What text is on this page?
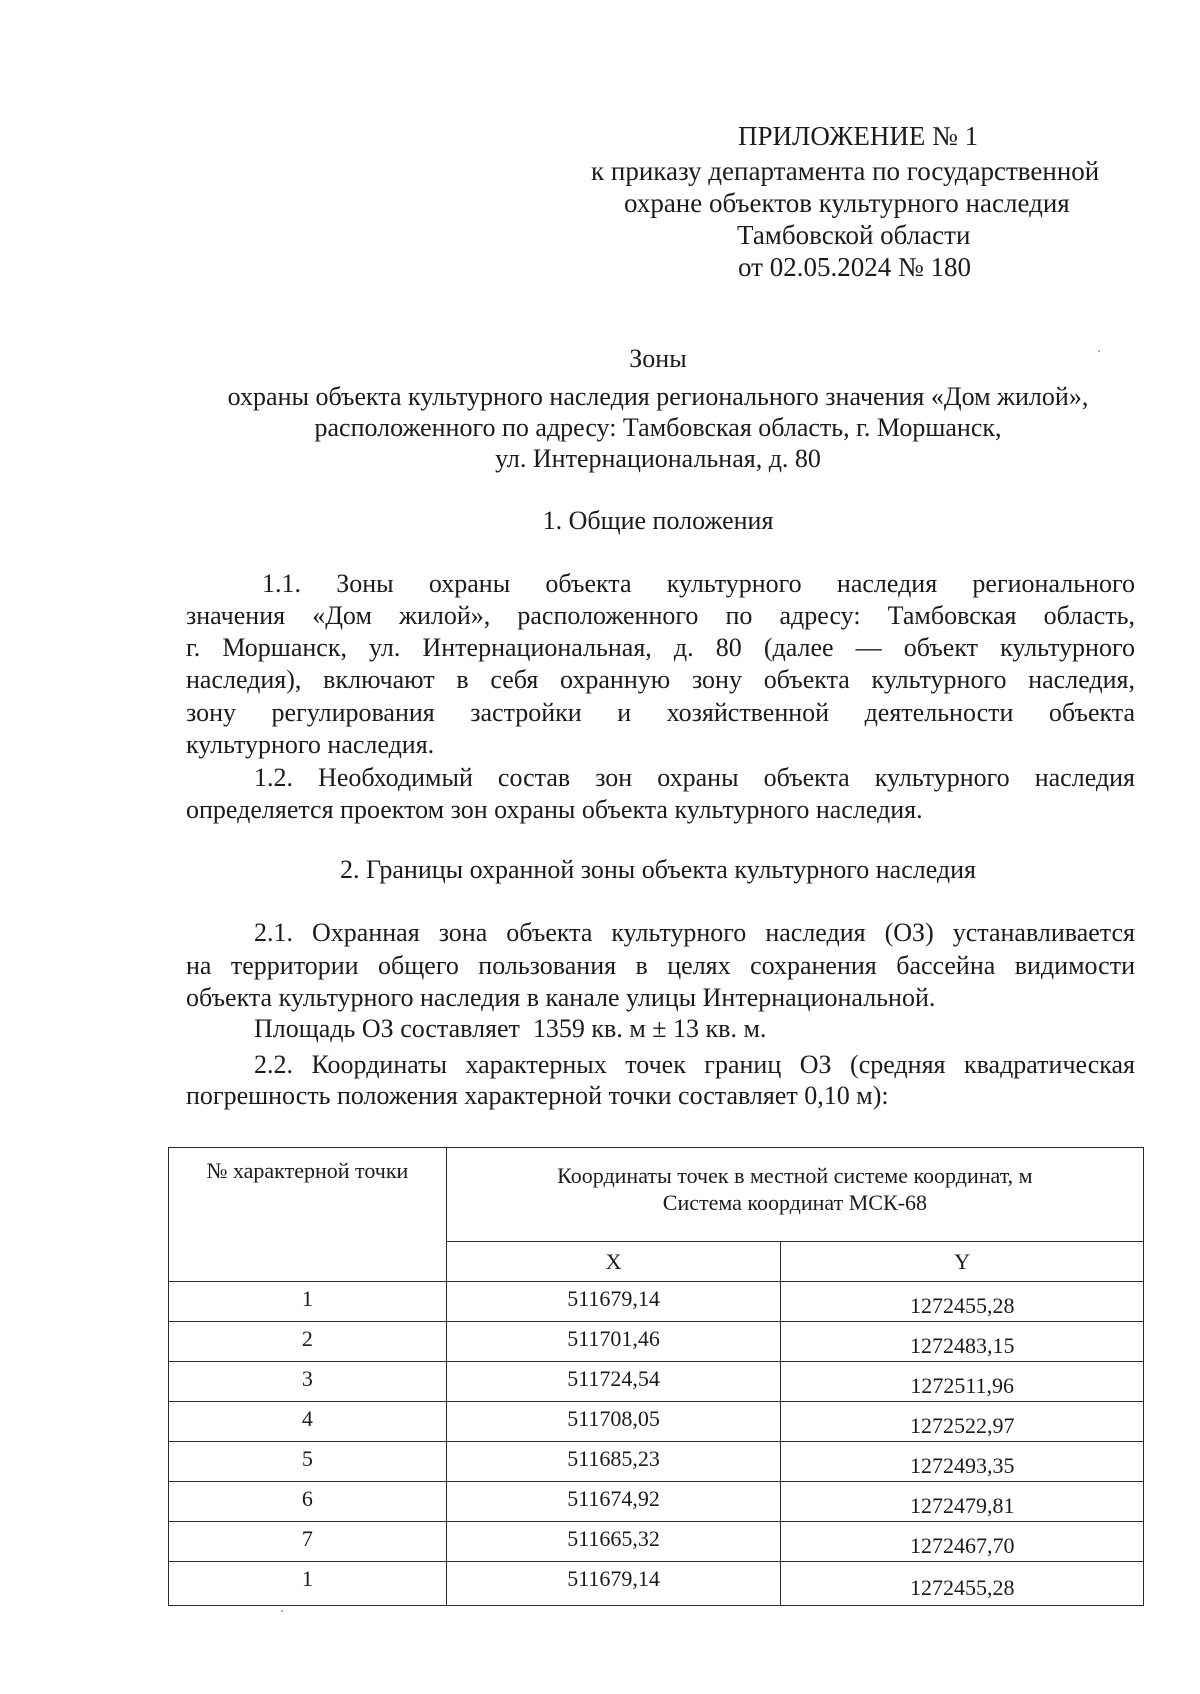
ПРИЛОЖЕНИЕ № 1
к приказу департамента по государственной
охране объектов культурного наследия
Тамбовской области
от 02.05.2024 № 180
Зоны
охраны объекта культурного наследия регионального значения «Дом жилой»,
расположенного по адресу: Тамбовская область, г. Моршанск,
ул. Интернациональная, д. 80
1. Общие положения
1.1. Зоны охраны объекта культурного наследия регионального
значения «Дом жилой», расположенного по адресу: Тамбовская область,
г. Моршанск, ул. Интернациональная, д. 80 (далее — объект культурного
наследия), включают в себя охранную зону объекта культурного наследия,
зону регулирования застройки и хозяйственной деятельности объекта
культурного наследия.
1.2. Необходимый состав зон охраны объекта культурного наследия
определяется проектом зон охраны объекта культурного наследия.
2. Границы охранной зоны объекта культурного наследия
2.1. Охранная зона объекта культурного наследия (ОЗ) устанавливается
на территории общего пользования в целях сохранения бассейна видимости
объекта культурного наследия в канале улицы Интернациональной.
Площадь ОЗ составляет  1359 кв. м ± 13 кв. м.
2.2. Координаты характерных точек границ ОЗ (средняя квадратическая
погрешность положения характерной точки составляет 0,10 м):
№ характерной точки	Координаты точек в местной системе координат, м
Система координат МСК-68	

	X	Y
1	511679,14	1272455,28
2	511701,46	1272483,15
3	511724,54	1272511,96
4	511708,05	1272522,97
5	511685,23	1272493,35
6	511674,92	1272479,81
7	511665,32	1272467,70
1	511679,14	1272455,28
